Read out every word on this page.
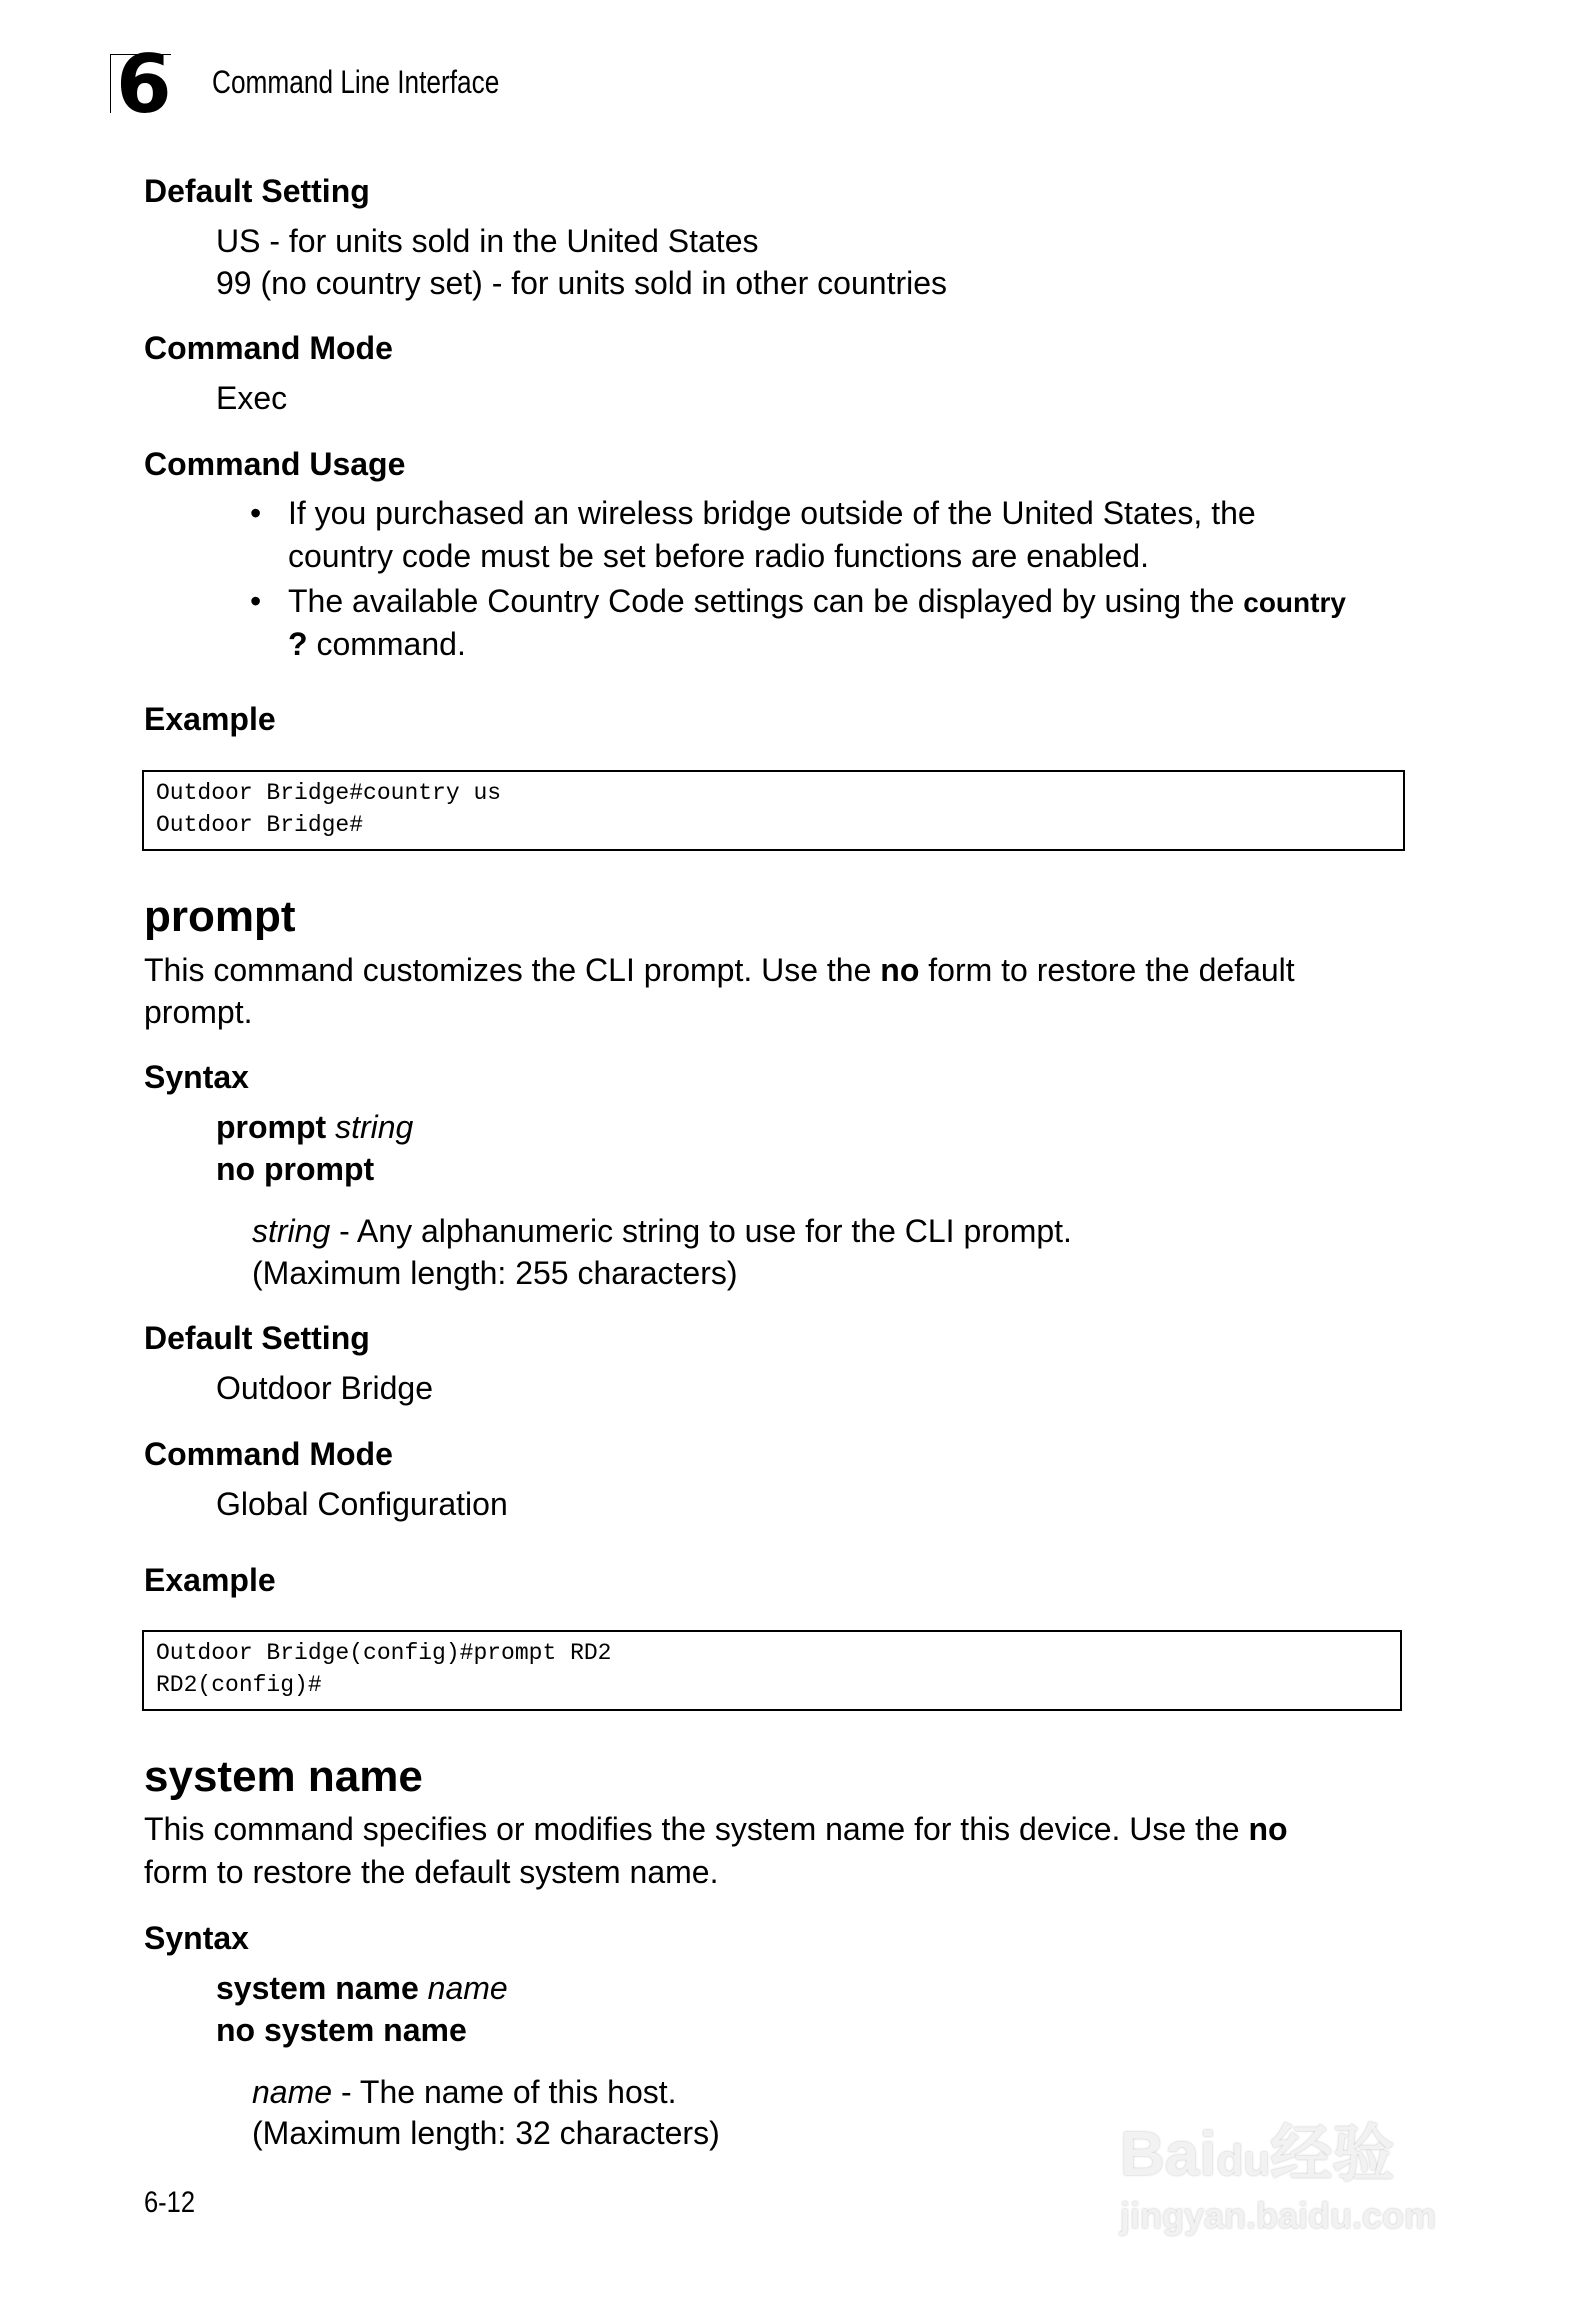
6 Command Line Interface
Default Setting
US - for units sold in the United States
99 (no country set) - for units sold in other countries
Command Mode
Exec
Command Usage
• If you purchased an wireless bridge outside of the United States, the
country code must be set before radio functions are enabled.
• The available Country Code settings can be displayed by using the country
? command.
Example
Outdoor Bridge#country us
Outdoor Bridge#
prompt
This command customizes the CLI prompt. Use the no form to restore the default
prompt.
Syntax
prompt string
no prompt
string - Any alphanumeric string to use for the CLI prompt.
(Maximum length: 255 characters)
Default Setting
Outdoor Bridge
Command Mode
Global Configuration
Example
Outdoor Bridge(config)#prompt RD2
RD2(config)#
system name
This command specifies or modifies the system name for this device. Use the no
form to restore the default system name.
Syntax
system name name
no system name
name - The name of this host.
(Maximum length: 32 characters)
6-12
Baidu经验
jingyan.baidu.com
